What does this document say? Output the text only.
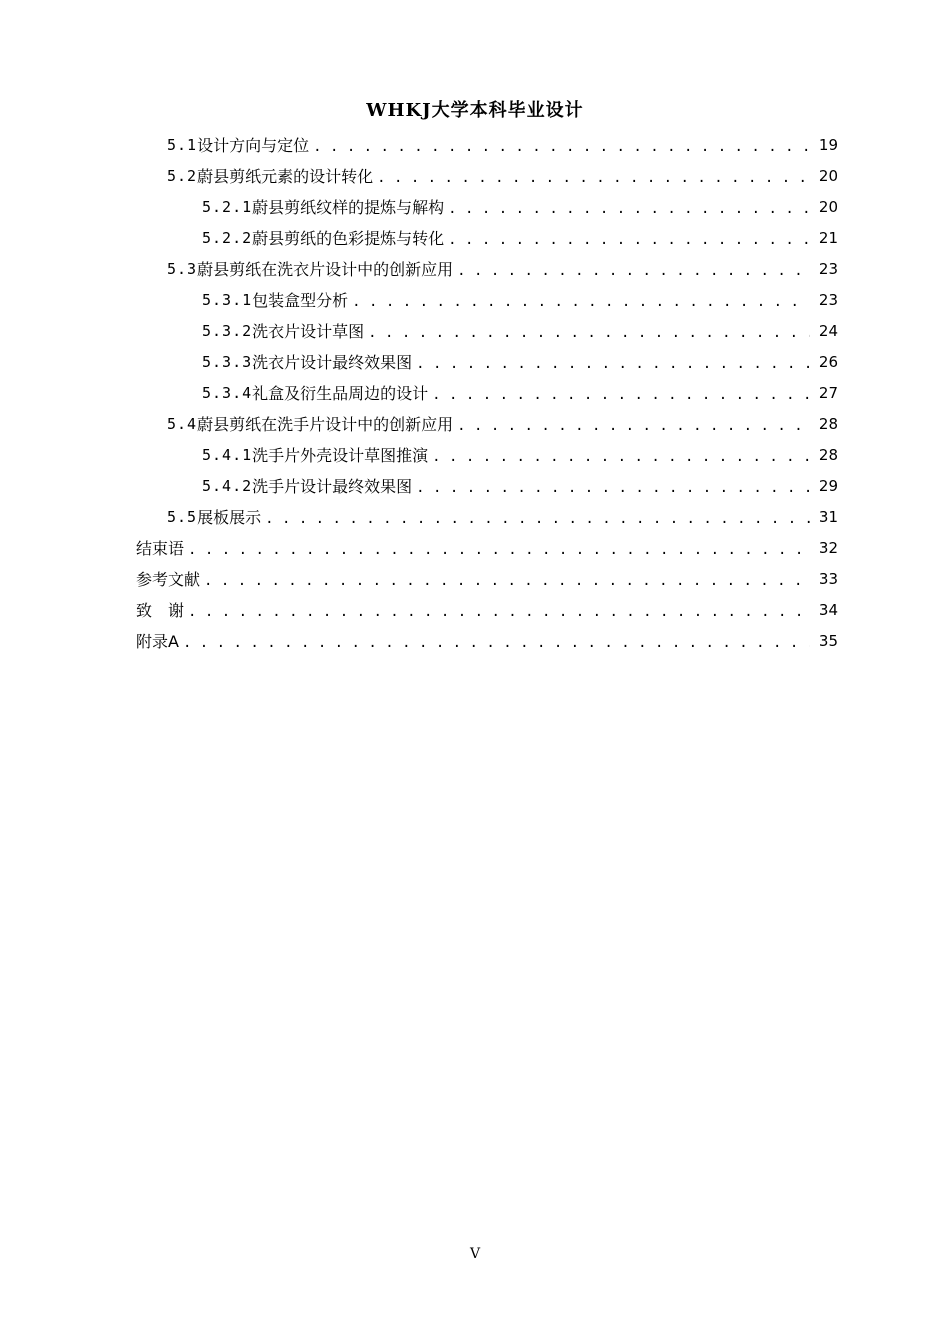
WHKJ大学本科毕业设计
5.1 设计方向与定位 . . .	19
5.2 蔚县剪纸元素的设计转化 . . .	20
5.2.1 蔚县剪纸纹样的提炼与解构 . . .	20
5.2.2 蔚县剪纸的色彩提炼与转化 . . .	21
5.3 蔚县剪纸在洗衣片设计中的创新应用 . . .	23
5.3.1 包装盒型分析 . . .	23
5.3.2 洗衣片设计草图 . . .	24
5.3.3 洗衣片设计最终效果图 . . .	26
5.3.4 礼盒及衍生品周边的设计 . . .	27
5.4 蔚县剪纸在洗手片设计中的创新应用 . . .	28
5.4.1 洗手片外壳设计草图推演 . . .	28
5.4.2 洗手片设计最终效果图 . . .	29
5.5 展板展示 . . .	31
结束语 . . .	32
参考文献 . . .	33
致　谢 . . .	34
附录A . . .	35
V
